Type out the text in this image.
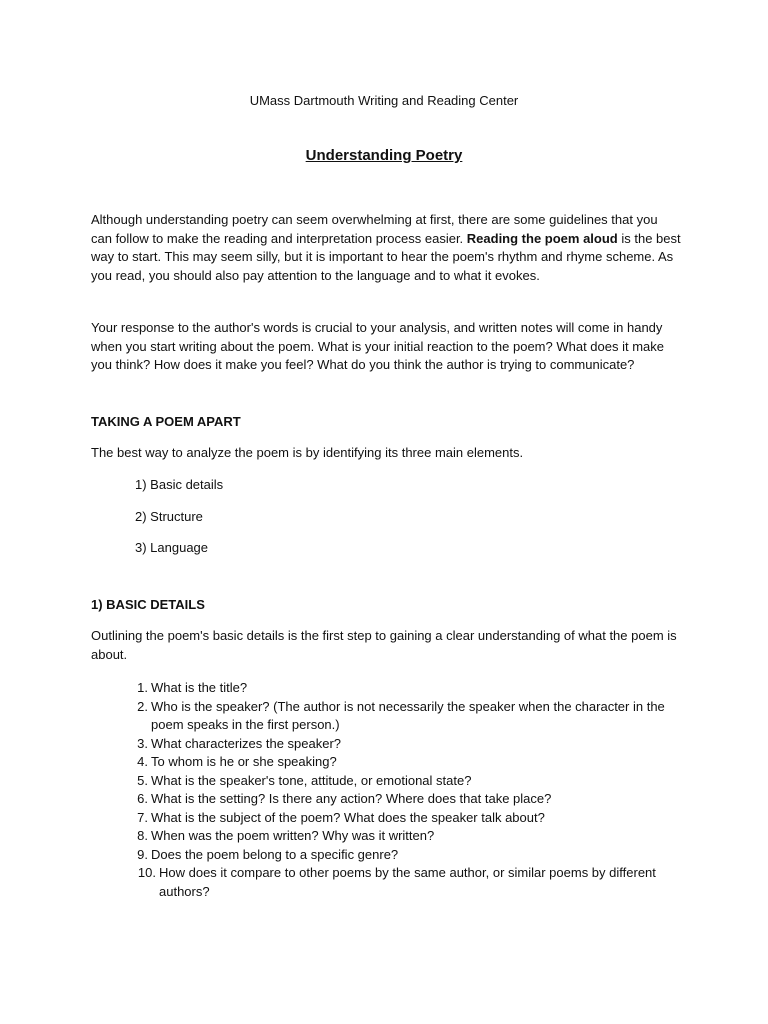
UMass Dartmouth Writing and Reading Center
Understanding Poetry

Although understanding poetry can seem overwhelming at first, there are some guidelines that you can follow to make the reading and interpretation process easier. Reading the poem aloud is the best way to start. This may seem silly, but it is important to hear the poem's rhythm and rhyme scheme. As you read, you should also pay attention to the language and to what it evokes.

Your response to the author's words is crucial to your analysis, and written notes will come in handy when you start writing about the poem. What is your initial reaction to the poem? What does it make you think? How does it make you feel? What do you think the author is trying to communicate?

TAKING A POEM APART

The best way to analyze the poem is by identifying its three main elements.

1) Basic details
2) Structure
3) Language
1) BASIC DETAILS

Outlining the poem's basic details is the first step to gaining a clear understanding of what the poem is about.

1. What is the title?
2. Who is the speaker? (The author is not necessarily the speaker when the character in the poem speaks in the first person.)
3. What characterizes the speaker?
4. To whom is he or she speaking?
5. What is the speaker's tone, attitude, or emotional state?
6. What is the setting? Is there any action? Where does that take place?
7. What is the subject of the poem? What does the speaker talk about?
8. When was the poem written? Why was it written?
9. Does the poem belong to a specific genre?
10. How does it compare to other poems by the same author, or similar poems by different authors?
